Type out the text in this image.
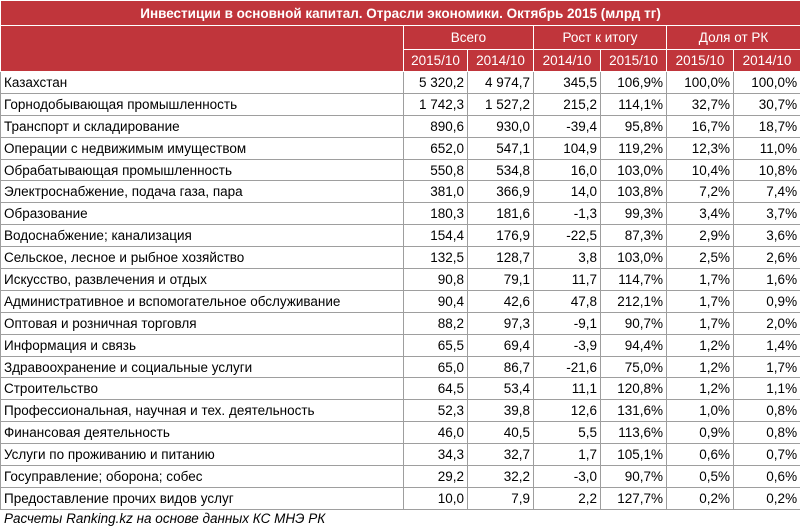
Инвестиции в основной капитал. Отрасли экономики. Октябрь 2015 (млрд тг)						
	Всего		Рост к итогу		Доля от РК	
	2015/10	2014/10	2014/10	2015/10	2015/10	2014/10
Казахстан	5 320,2	4 974,7	345,5	106,9%	100,0%	100,0%
Горнодобывающая промышленность	1 742,3	1 527,2	215,2	114,1%	32,7%	30,7%
Транспорт и складирование	890,6	930,0	-39,4	95,8%	16,7%	18,7%
Операции с недвижимым имуществом	652,0	547,1	104,9	119,2%	12,3%	11,0%
Обрабатывающая промышленность	550,8	534,8	16,0	103,0%	10,4%	10,8%
Электроснабжение, подача газа, пара	381,0	366,9	14,0	103,8%	7,2%	7,4%
Образование	180,3	181,6	-1,3	99,3%	3,4%	3,7%
Водоснабжение; канализация	154,4	176,9	-22,5	87,3%	2,9%	3,6%
Сельское, лесное и рыбное хозяйство	132,5	128,7	3,8	103,0%	2,5%	2,6%
Искусство, развлечения и отдых	90,8	79,1	11,7	114,7%	1,7%	1,6%
Административное и вспомогательное обслуживание	90,4	42,6	47,8	212,1%	1,7%	0,9%
Оптовая и розничная торговля	88,2	97,3	-9,1	90,7%	1,7%	2,0%
Информация и связь	65,5	69,4	-3,9	94,4%	1,2%	1,4%
Здравоохранение и социальные услуги	65,0	86,7	-21,6	75,0%	1,2%	1,7%
Строительство	64,5	53,4	11,1	120,8%	1,2%	1,1%
Профессиональная, научная и тех. деятельность	52,3	39,8	12,6	131,6%	1,0%	0,8%
Финансовая деятельность	46,0	40,5	5,5	113,6%	0,9%	0,8%
Услуги по проживанию и питанию	34,3	32,7	1,7	105,1%	0,6%	0,7%
Госуправление; оборона; собес	29,2	32,2	-3,0	90,7%	0,5%	0,6%
Предоставление прочих видов услуг	10,0	7,9	2,2	127,7%	0,2%	0,2%
Расчеты Ranking.kz на основе данных КС МНЭ РК
